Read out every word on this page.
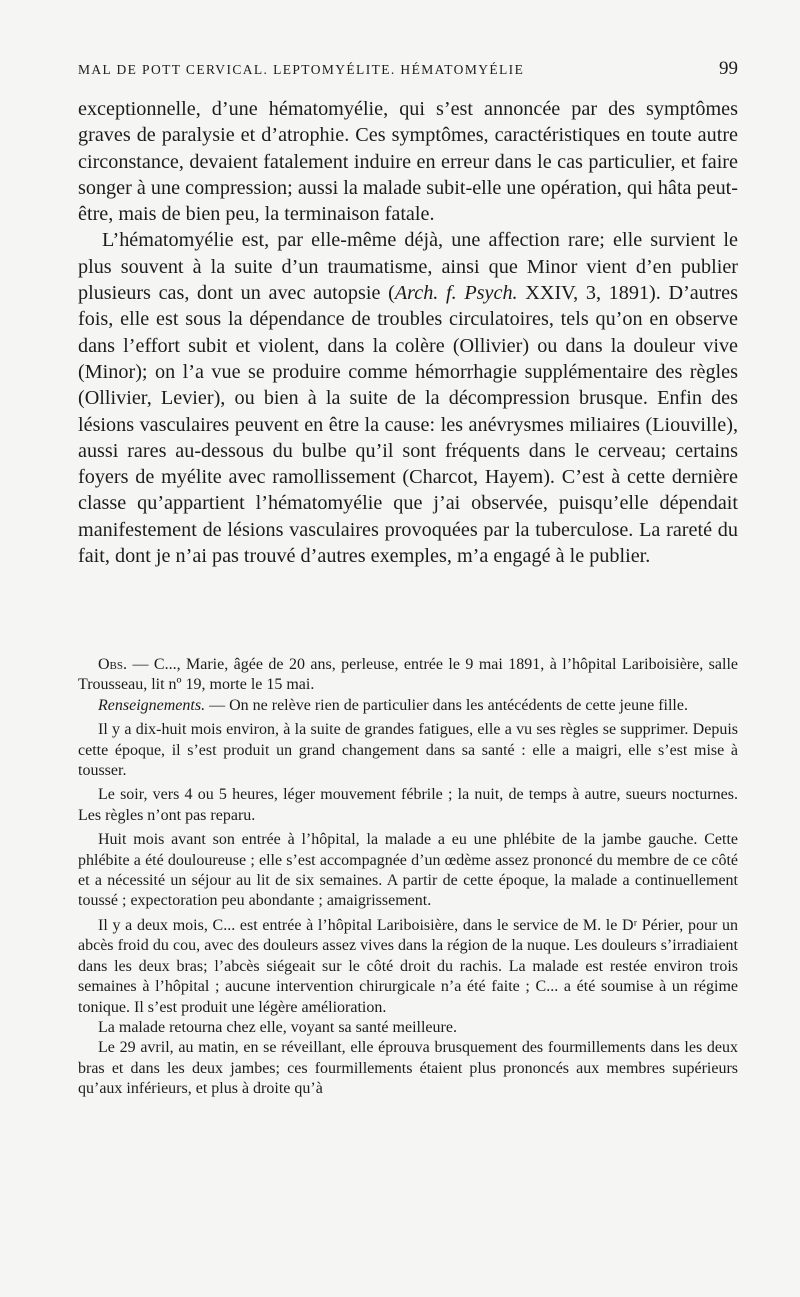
MAL DE POTT CERVICAL. LEPTOMYÉLITE. HÉMATOMYÉLIE	99

exceptionnelle, d’une hématomyélie, qui s’est annoncée par des symptômes graves de paralysie et d’atrophie. Ces symptômes, caractéristiques en toute autre circonstance, devaient fatalement induire en erreur dans le cas particulier, et faire songer à une compression; aussi la malade subit-elle une opération, qui hâta peut-être, mais de bien peu, la terminaison fatale.

L’hématomyélie est, par elle-même déjà, une affection rare; elle survient le plus souvent à la suite d’un traumatisme, ainsi que Minor vient d’en publier plusieurs cas, dont un avec autopsie (Arch. f. Psych. XXIV, 3, 1891). D’autres fois, elle est sous la dépendance de troubles circulatoires, tels qu’on en observe dans l’effort subit et violent, dans la colère (Ollivier) ou dans la douleur vive (Minor); on l’a vue se produire comme hémorrhagie supplémentaire des règles (Ollivier, Levier), ou bien à la suite de la décompression brusque. Enfin des lésions vasculaires peuvent en être la cause: les anévrysmes miliaires (Liouville), aussi rares au-dessous du bulbe qu’il sont fréquents dans le cerveau; certains foyers de myélite avec ramollissement (Charcot, Hayem). C’est à cette dernière classe qu’appartient l’hématomyélie que j’ai observée, puisqu’elle dépendait manifestement de lésions vasculaires provoquées par la tuberculose. La rareté du fait, dont je n’ai pas trouvé d’autres exemples, m’a engagé à le publier.

Obs. — C..., Marie, âgée de 20 ans, perleuse, entrée le 9 mai 1891, à l’hôpital Lariboisière, salle Trousseau, lit nº 19, morte le 15 mai.

Renseignements. — On ne relève rien de particulier dans les antécédents de cette jeune fille.

Il y a dix-huit mois environ, à la suite de grandes fatigues, elle a vu ses règles se supprimer. Depuis cette époque, il s’est produit un grand changement dans sa santé : elle a maigri, elle s’est mise à tousser.

Le soir, vers 4 ou 5 heures, léger mouvement fébrile ; la nuit, de temps à autre, sueurs nocturnes. Les règles n’ont pas reparu.

Huit mois avant son entrée à l’hôpital, la malade a eu une phlébite de la jambe gauche. Cette phlébite a été douloureuse ; elle s’est accompagnée d’un œdème assez prononcé du membre de ce côté et a nécessité un séjour au lit de six semaines. A partir de cette époque, la malade a continuellement toussé ; expectoration peu abondante ; amaigrissement.

Il y a deux mois, C... est entrée à l’hôpital Lariboisière, dans le service de M. le Dʳ Périer, pour un abcès froid du cou, avec des douleurs assez vives dans la région de la nuque. Les douleurs s’irradiaient dans les deux bras; l’abcès siégeait sur le côté droit du rachis. La malade est restée environ trois semaines à l’hôpital ; aucune intervention chirurgicale n’a été faite ; C... a été soumise à un régime tonique. Il s’est produit une légère amélioration.

La malade retourna chez elle, voyant sa santé meilleure.

Le 29 avril, au matin, en se réveillant, elle éprouva brusquement des fourmillements dans les deux bras et dans les deux jambes; ces fourmillements étaient plus prononcés aux membres supérieurs qu’aux inférieurs, et plus à droite qu’à
